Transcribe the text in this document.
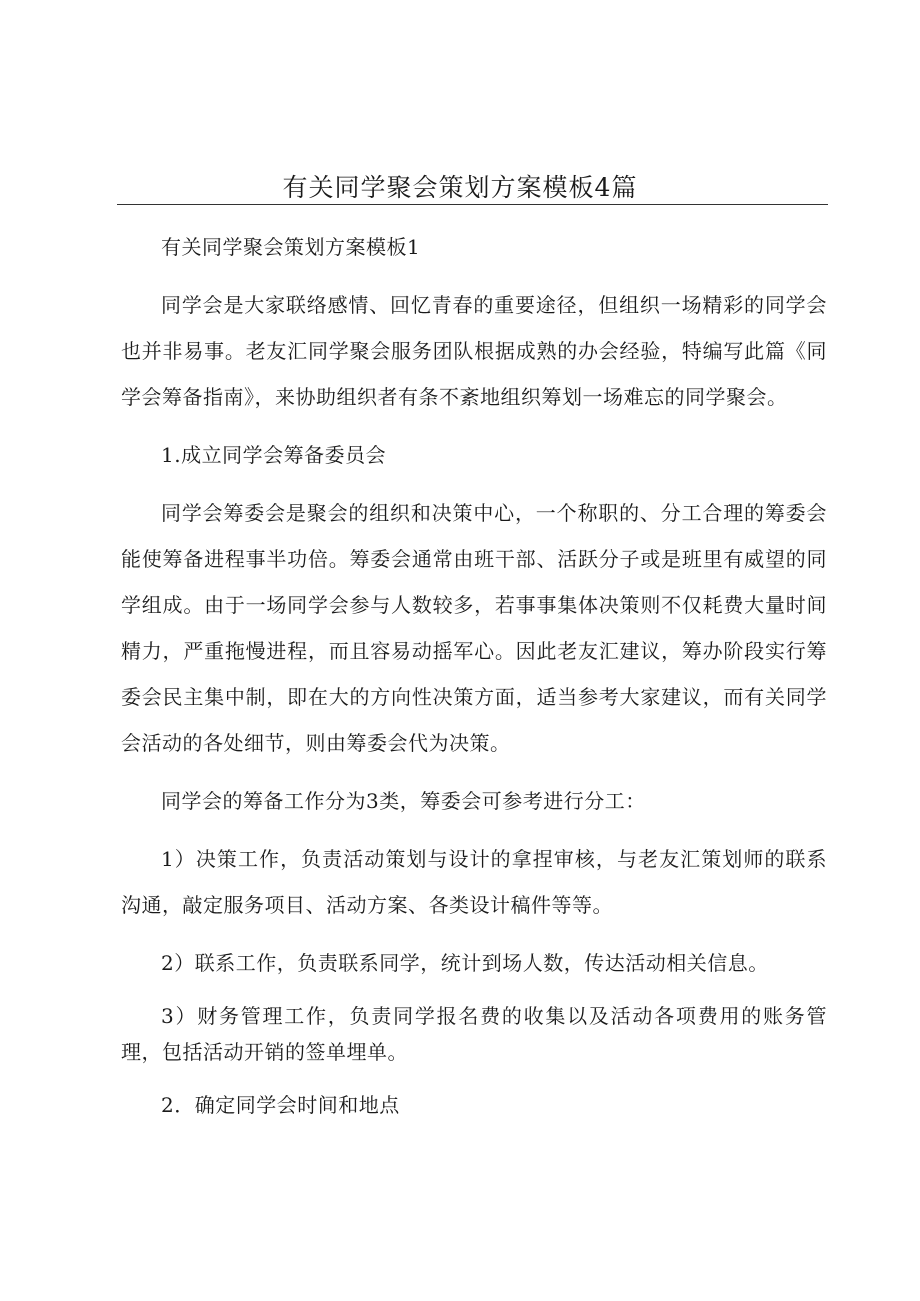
有关同学聚会策划方案模板4篇

有关同学聚会策划方案模板1

同学会是大家联络感情、回忆青春的重要途径，但组织一场精彩的同学会也并非易事。老友汇同学聚会服务团队根据成熟的办会经验，特编写此篇《同学会筹备指南》，来协助组织者有条不紊地组织筹划一场难忘的同学聚会。

1.成立同学会筹备委员会

同学会筹委会是聚会的组织和决策中心，一个称职的、分工合理的筹委会能使筹备进程事半功倍。筹委会通常由班干部、活跃分子或是班里有威望的同学组成。由于一场同学会参与人数较多，若事事集体决策则不仅耗费大量时间精力，严重拖慢进程，而且容易动摇军心。因此老友汇建议，筹办阶段实行筹委会民主集中制，即在大的方向性决策方面，适当参考大家建议，而有关同学会活动的各处细节，则由筹委会代为决策。

同学会的筹备工作分为3类，筹委会可参考进行分工：

1）决策工作，负责活动策划与设计的拿捏审核，与老友汇策划师的联系沟通，敲定服务项目、活动方案、各类设计稿件等等。

2）联系工作，负责联系同学，统计到场人数，传达活动相关信息。

3）财务管理工作，负责同学报名费的收集以及活动各项费用的账务管理，包括活动开销的签单埋单。

2．确定同学会时间和地点
